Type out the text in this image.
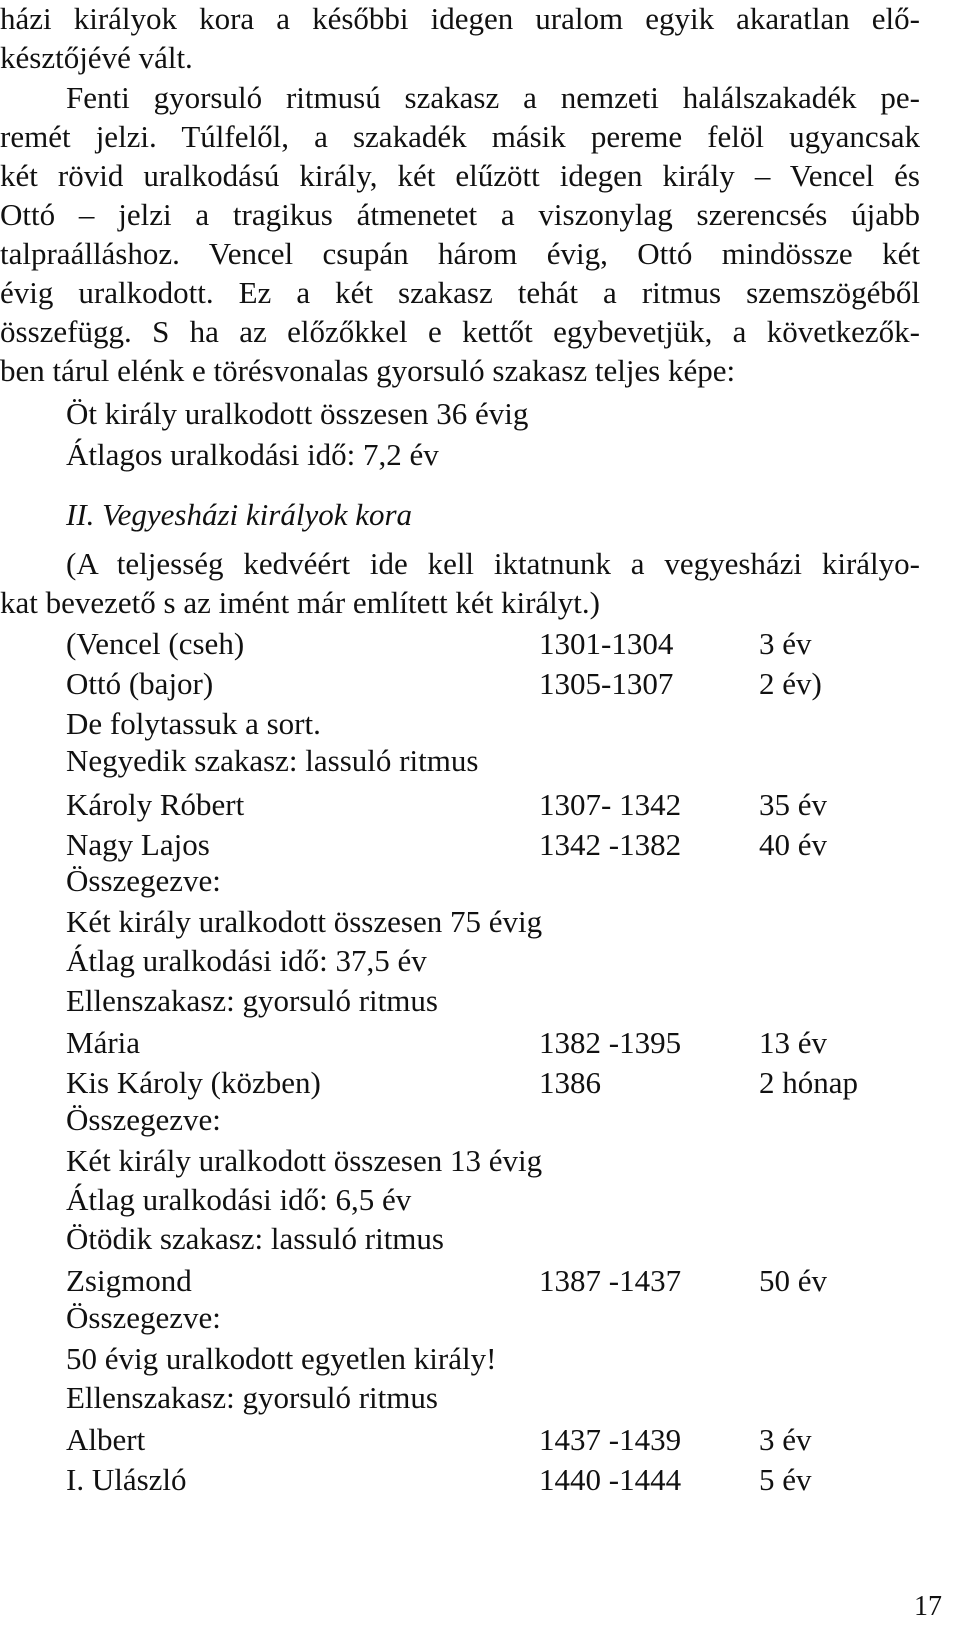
házi királyok kora a későbbi idegen uralom egyik akaratlan elő-
késztőjévé vált.
Fenti gyorsuló ritmusú szakasz a nemzeti halálszakadék pe-
remét jelzi. Túlfelől, a szakadék másik pereme felöl ugyancsak
két rövid uralkodású király, két elűzött idegen király – Vencel és
Ottó – jelzi a tragikus átmenetet a viszonylag szerencsés újabb
talpraálláshoz. Vencel csupán három évig, Ottó mindössze két
évig uralkodott. Ez a két szakasz tehát a ritmus szemszögéből
összefügg. S ha az előzőkkel e kettőt egybevetjük, a következők-
ben tárul elénk e törésvonalas gyorsuló szakasz teljes képe:
Öt király uralkodott összesen 36 évig
Átlagos uralkodási idő: 7,2 év
II. Vegyesházi királyok kora
(A teljesség kedvéért ide kell iktatnunk a vegyesházi királyo-
kat bevezető s az imént már említett két királyt.)
(Vencel (cseh)	1301-1304	3 év
Ottó (bajor)	1305-1307	2 év)
De folytassuk a sort.
Negyedik szakasz: lassuló ritmus
Károly Róbert	1307- 1342	35 év
Nagy Lajos	1342 -1382	40 év
Összegezve:
Két király uralkodott összesen 75 évig
Átlag uralkodási idő: 37,5 év
Ellenszakasz: gyorsuló ritmus
Mária	1382 -1395	13 év
Kis Károly (közben)	1386	2 hónap
Összegezve:
Két király uralkodott összesen 13 évig
Átlag uralkodási idő: 6,5 év
Ötödik szakasz: lassuló ritmus
Zsigmond	1387 -1437	50 év
Összegezve:
50 évig uralkodott egyetlen király!
Ellenszakasz: gyorsuló ritmus
Albert	1437 -1439	3 év
I. Ulászló	1440 -1444	5 év
17
